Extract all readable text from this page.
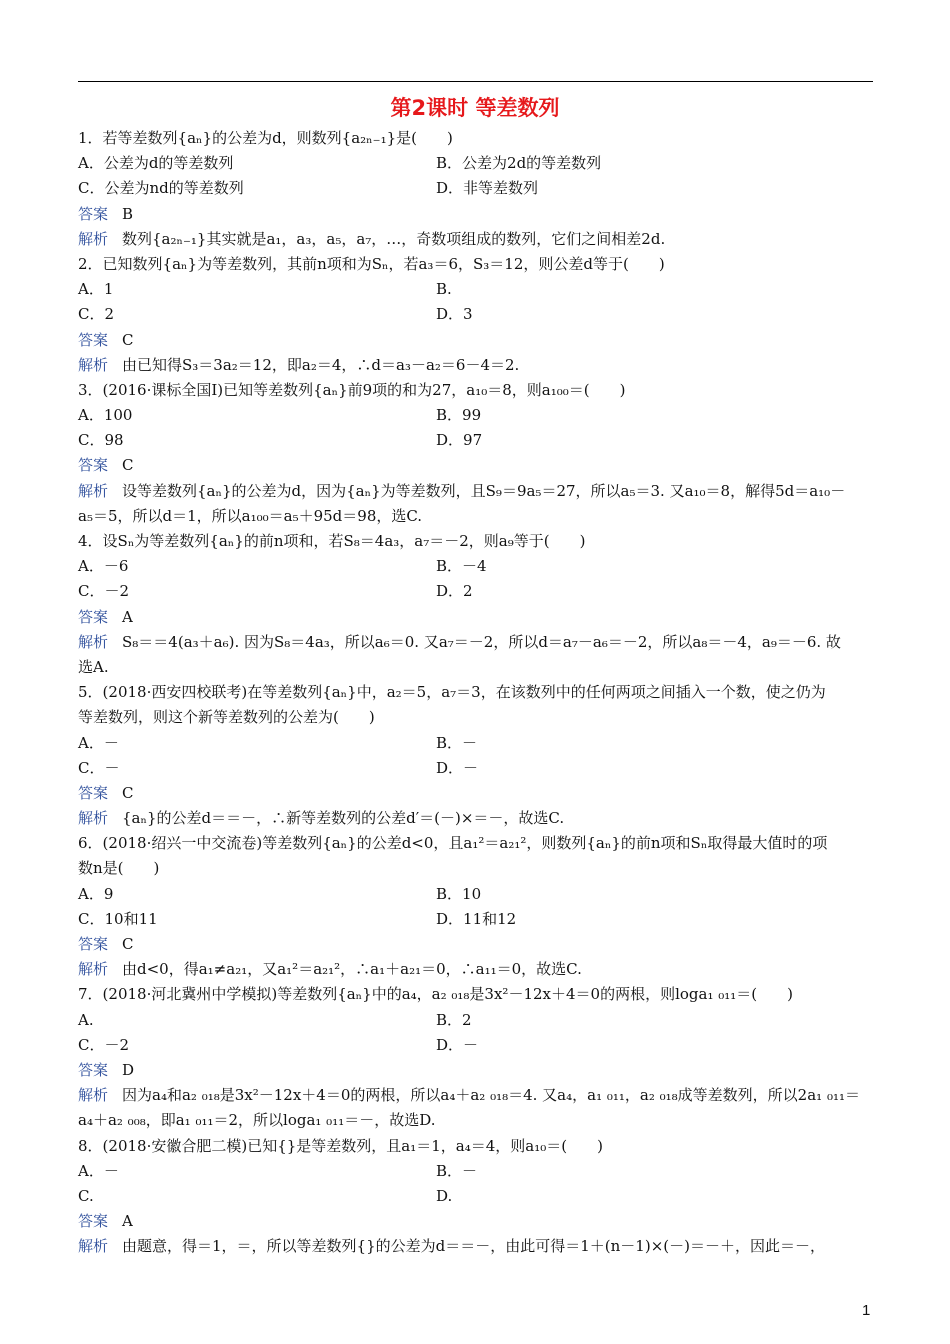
第2课时 等差数列
1．若等差数列{aₙ}的公差为d，则数列{a₂ₙ₋₁}是(　　)
A．公差为d的等差数列	B．公差为2d的等差数列
C．公差为nd的等差数列	D．非等差数列
答案 B
解析 数列{a₂ₙ₋₁}其实就是a₁，a₃，a₅，a₇，…，奇数项组成的数列，它们之间相差2d.
2．已知数列{aₙ}为等差数列，其前n项和为Sₙ，若a₃＝6，S₃＝12，则公差d等于(　　)
A．1	B.
C．2	D．3
答案 C
解析 由已知得S₃＝3a₂＝12，即a₂＝4，∴d＝a₃－a₂＝6－4＝2.
3．(2016·课标全国Ⅰ)已知等差数列{aₙ}前9项的和为27，a₁₀＝8，则a₁₀₀＝(　　)
A．100	B．99
C．98	D．97
答案 C
解析 设等差数列{aₙ}的公差为d，因为{aₙ}为等差数列，且S₉＝9a₅＝27，所以a₅＝3. 又a₁₀＝8，解得5d＝a₁₀－
a₅＝5，所以d＝1，所以a₁₀₀＝a₅＋95d＝98，选C.
4．设Sₙ为等差数列{aₙ}的前n项和，若S₈＝4a₃，a₇＝－2，则a₉等于(　　)
A．－6	B．－4
C．－2	D．2
答案 A
解析 S₈＝＝4(a₃＋a₆). 因为S₈＝4a₃，所以a₆＝0. 又a₇＝－2，所以d＝a₇－a₆＝－2，所以a₈＝－4，a₉＝－6. 故
选A.
5．(2018·西安四校联考)在等差数列{aₙ}中，a₂＝5，a₇＝3，在该数列中的任何两项之间插入一个数，使之仍为
等差数列，则这个新等差数列的公差为(　　)
A．－	B．－
C．－	D．－
答案 C
解析 {aₙ}的公差d＝＝－，∴新等差数列的公差d′＝(－)×＝－，故选C.
6．(2018·绍兴一中交流卷)等差数列{aₙ}的公差d<0，且a₁²＝a₂₁²，则数列{aₙ}的前n项和Sₙ取得最大值时的项
数n是(　　)
A．9	B．10
C．10和11	D．11和12
答案 C
解析 由d<0，得a₁≠a₂₁，又a₁²＝a₂₁²，∴a₁＋a₂₁＝0，∴a₁₁＝0，故选C.
7．(2018·河北冀州中学模拟)等差数列{aₙ}中的a₄，a₂ ₀₁₈是3x²－12x＋4＝0的两根，则loga₁ ₀₁₁＝(　　)
A.	B．2
C．－2	D．－
答案 D
解析 因为a₄和a₂ ₀₁₈是3x²－12x＋4＝0的两根，所以a₄＋a₂ ₀₁₈＝4. 又a₄，a₁ ₀₁₁，a₂ ₀₁₈成等差数列，所以2a₁ ₀₁₁＝
a₄＋a₂ ₀₀₈，即a₁ ₀₁₁＝2，所以loga₁ ₀₁₁＝－，故选D.
8．(2018·安徽合肥二模)已知{}是等差数列，且a₁＝1，a₄＝4，则a₁₀＝(　　)
A．－	B．－
C.	D.
答案 A
解析 由题意，得＝1，＝，所以等差数列{}的公差为d＝＝－，由此可得＝1＋(n－1)×(－)＝－＋，因此＝－，
1
